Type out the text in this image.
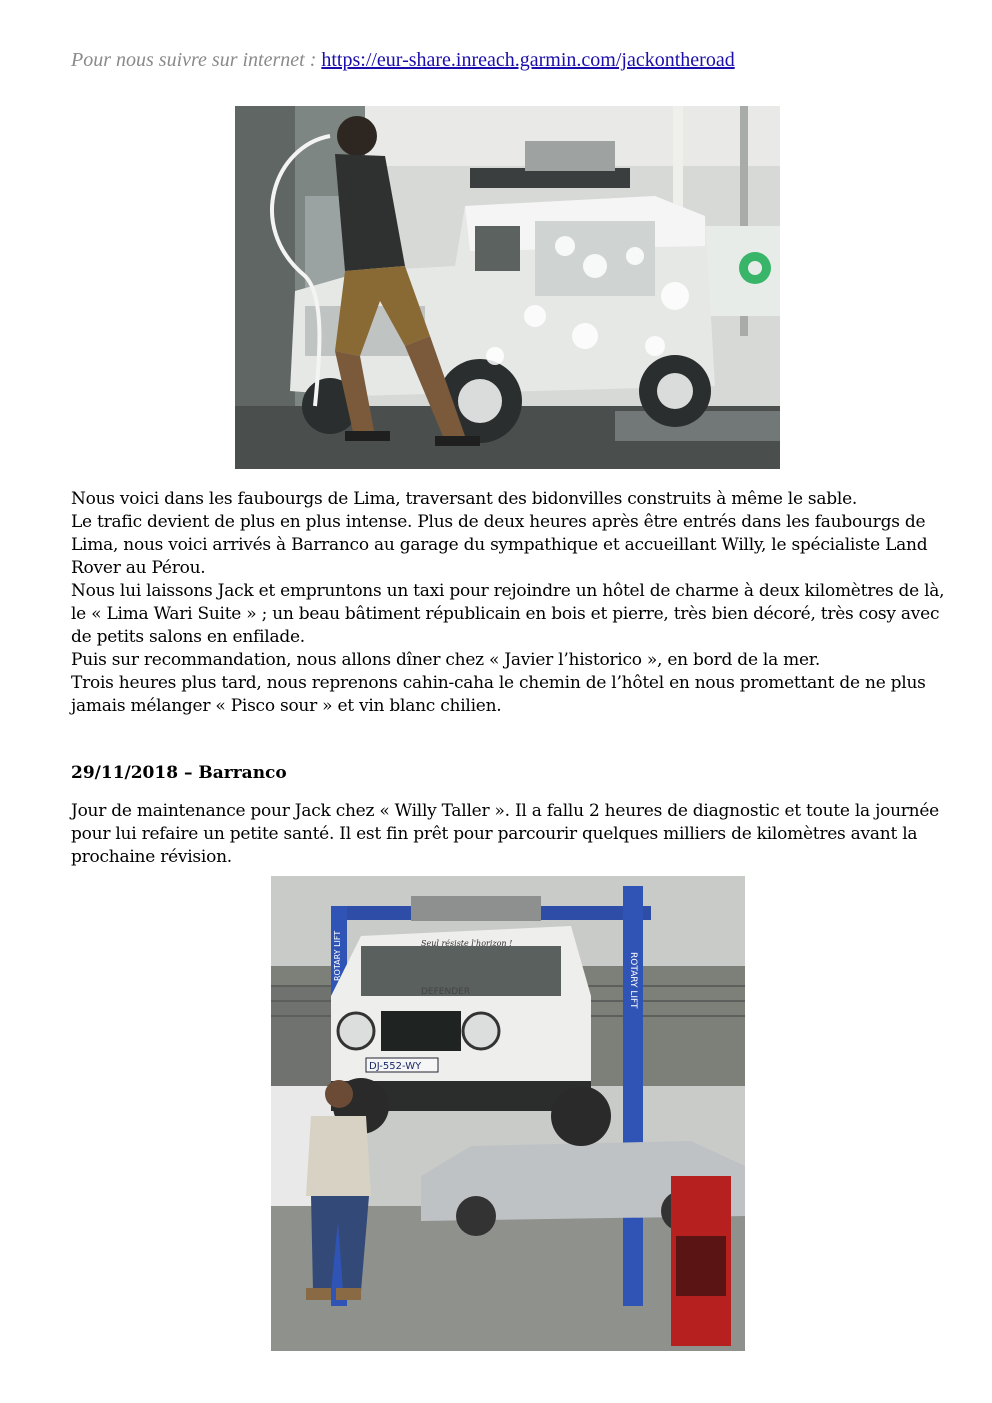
Pour nous suivre sur internet : https://eur-share.inreach.garmin.com/jackontheroad

Nous voici dans les faubourgs de Lima, traversant des bidonvilles construits à même le sable.

Le trafic devient de plus en plus intense. Plus de deux heures après être entrés dans les faubourgs de Lima, nous voici arrivés à Barranco au garage du sympathique et accueillant Willy, le spécialiste Land Rover au Pérou.

Nous lui laissons Jack et empruntons un taxi pour rejoindre un hôtel de charme à deux kilomètres de là, le « Lima Wari Suite » ; un beau bâtiment républicain en bois et pierre, très bien décoré, très cosy avec de petits salons en enfilade.

Puis sur recommandation, nous allons dîner chez « Javier l’historico », en bord de la mer.

Trois heures plus tard, nous reprenons cahin-caha le chemin de l’hôtel en nous promettant de ne plus jamais mélanger « Pisco sour » et vin blanc chilien.

29/11/2018 – Barranco

Jour de maintenance pour Jack chez « Willy Taller ». Il a fallu 2 heures de diagnostic et toute la journée pour lui refaire un petite santé. Il est fin prêt pour parcourir quelques milliers de kilomètres avant la prochaine révision.

ROTARY LIFT	ROTARY LIFT
DEFENDER
Seul résiste l'horizon !
DJ-552-WY
